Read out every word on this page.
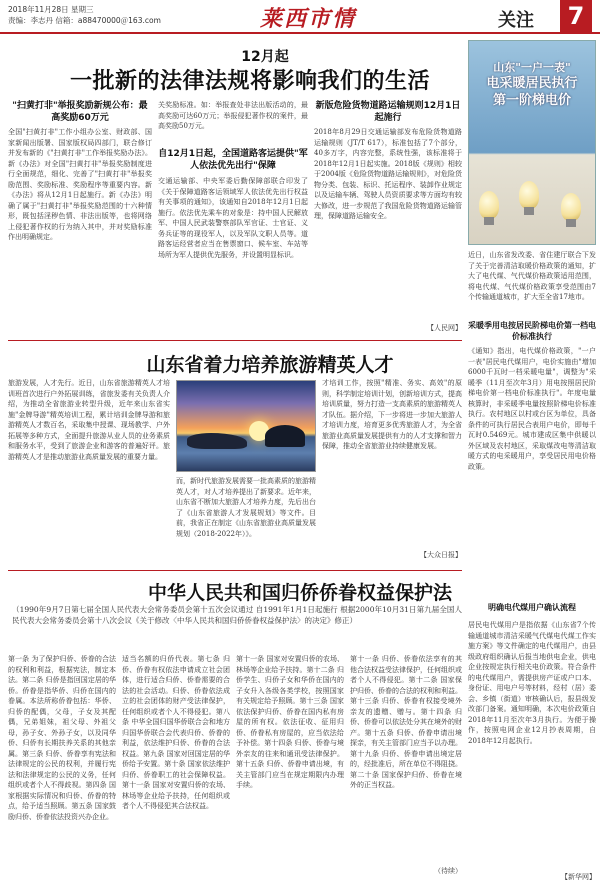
2018年11月28日 星期三
责编：李志丹 信箱：a88470000＠163.com	莱西市情	关注	7
12月起
一批新的法律法规将影响我们的生活
"扫黄打非"举报奖励新规公布：最高奖励60万元
全国"扫黄打非"工作小组办公室、财政部、国家新闻出版署、国家版权局四部门，联合修订并发布新的《"扫黄打非"工作举报奖励办法》。新《办法》对全国"扫黄打非"举报奖励制度进行全面规范，细化、完善了"扫黄打非"举报奖励范围、奖励标准、奖励程序等重要内容。新《办法》将从12月1日起施行。新《办法》明确了属于"扫黄打非"举报奖励范围的十六种情形，既包括淫秽色情、非法出版等，也将网络上侵犯著作权的行为纳入其中，并对奖励标准作出明确规定。
关奖励标准。如：举报查处非法出版活动的，最高奖励可达60万元；举报侵犯著作权的案件，最高奖励50万元。
自12月1日起，全国道路客运提供"军人依法优先出行"保障
交通运输部、中央军委后勤保障部联合印发了《关于保障道路客运领域军人依法优先出行权益有关事项的通知》，该通知自2018年12月1日起施行。依法优先乘车的对象是：持中国人民解放军、中国人民武装警察部队军官证、士官证、义务兵证等的现役军人，以及军队文职人员等。道路客运经营者应当在售票窗口、候车室、车站等场所为军人提供优先服务，并设置明显标识。
新版危险货物道路运输规则12月1日起施行
2018年8月29日交通运输部发布危险货物道路运输规则（JT/T 617），标准包括了7个部分，40多万字，内容完整，系统性强，该标准将于2018年12月1日起实施。2018版《规则》相较于2004版《危险货物道路运输规则》，对危险货物分类、包装、标识、托运程序、装卸作业规定以及运输车辆、驾驶人员资质要求等方面均有较大修改，进一步规范了我国危险货物道路运输管理，保障道路运输安全。
【人民网】
山东"一户一表"
电采暖居民执行
第一阶梯电价
近日，山东省发改委、省住建厅联合下发了关于完善清洁取暖价格政策的通知，扩大了电代煤、气代煤价格政策适用范围，将电代煤、气代煤价格政策享受范围由7个传输通道城市，扩大至全省17地市。
采暖季用电按居民阶梯电价第一档电价标准执行
《通知》指出，电代煤价格政策，"一户一表"居民电代煤用户，电价实施由"增加6000千瓦时一档采暖电量"，调整为"采暖季（11月至次年3月）用电按照居民阶梯电价第一档电价标准执行"。年度电量核算时，非采暖季电量按照阶梯电价标准执行。农村地区以村或台区为单位，具备条件的可执行居民合表用户电价，即每千瓦时0.5469元。城市建成区集中供暖以外区域及农村地区，采取煤改电等清洁取暖方式的电采暖用户，享受居民用电价格政策。
明确电代煤用户确认流程
居民电代煤用户是指依据《山东省7个传输通道城市清洁采暖气代煤电代煤工作实施方案》等文件确定的电代煤用户，由县级政府组织确认后报当地供电企业，供电企业按规定执行相关电价政策。符合条件的电代煤用户，需提供房产证或户口本、身份证、用电户号等材料，经村（居）委会、乡镇（街道）审核确认后，报县级发改部门备案。通知明确，本次电价政策自2018年11月至次年3月执行。为便于操作，按照电网企业12月抄表周期，自2018年12月起执行。
【新华网】
山东省着力培养旅游精英人才
旅游发展，人才先行。近日，山东省旅游精英人才培训班首次进行户外拓展训练，省旅发委有关负责人介绍，为推动全省旅游业转型升级，近年来山东省实施"金牌导游"精英培训工程，累计培训金牌导游和旅游精英人才数百名，采取集中授课、现场教学、户外拓展等多种方式，全面提升旅游从业人员的业务素质和服务水平，受到了旅游企业和游客的普遍好评。旅游精英人才是推动旅游业高质量发展的重要力量。
而，新时代旅游发展需要一批高素质的旅游精英人才，对人才培养提出了新要求。近年来，山东省不断加大旅游人才培养力度，先后出台了《山东省旅游人才发展规划》等文件。目前，我省正在制定《山东省旅游业高质量发展规划（2018-2022年）》。
才培训工作，按照"精准、务实、高效"的原则，科学制定培训计划，创新培训方式，提高培训质量，努力打造一支高素质的旅游精英人才队伍。据介绍，下一步将进一步加大旅游人才培训力度，培育更多优秀旅游人才，为全省旅游业高质量发展提供有力的人才支撑和智力保障，推动全省旅游业持续健康发展。
【大众日报】
中华人民共和国归侨侨眷权益保护法
（1990年9月7日第七届全国人民代表大会常务委员会第十五次会议通过 自1991年1月1日起施行 根据2000年10月31日第九届全国人民代表大会常务委员会第十八次会议《关于修改〈中华人民共和国归侨侨眷权益保护法〉的决定》修正）
第一条 为了保护归侨、侨眷的合法的权利和利益，根据宪法，制定本法。第二条 归侨是指回国定居的华侨。侨眷是指华侨、归侨在国内的眷属。本法所称侨眷包括：华侨、归侨的配偶，父母，子女及其配偶，兄弟姐妹，祖父母、外祖父母，孙子女、外孙子女，以及同华侨、归侨有长期扶养关系的其他亲属。第三条 归侨、侨眷享有宪法和法律规定的公民的权利，并履行宪法和法律规定的公民的义务，任何组织或者个人不得歧视。第四条 国家根据实际情况和归侨、侨眷的特点，给予适当照顾。第五条 国家鼓励归侨、侨眷依法投资兴办企业。
适当名额的归侨代表。第七条 归侨、侨眷有权依法申请成立社会团体，进行适合归侨、侨眷需要的合法的社会活动。归侨、侨眷依法成立的社会团体的财产受法律保护，任何组织或者个人不得侵犯。第八条 中华全国归国华侨联合会和地方归国华侨联合会代表归侨、侨眷的利益，依法维护归侨、侨眷的合法权益。第九条 国家对回国定居的华侨给予安置。第十条 国家依法维护归侨、侨眷职工的社会保障权益。第十一条 国家对安置归侨的农场、林场等企业给予扶持，任何组织或者个人不得侵犯其合法权益。
第十一条 国家对安置归侨的农场、林场等企业给予扶持。第十二条 归侨学生、归侨子女和华侨在国内的子女升入各级各类学校，按照国家有关规定给予照顾。第十三条 国家依法保护归侨、侨眷在国内私有房屋的所有权。依法征收、征用归侨、侨眷私有房屋的，应当依法给予补偿。第十四条 归侨、侨眷与境外亲友的往来和通讯受法律保护。第十五条 归侨、侨眷申请出境，有关主管部门应当在规定期限内办理手续。
第十一条 归侨、侨眷依法享有的其他合法权益受法律保护，任何组织或者个人不得侵犯。第十二条 国家保护归侨、侨眷的合法的权利和利益。第十三条 归侨、侨眷有权接受境外亲友的遗赠、赠与。第十四条 归侨、侨眷可以依法处分其在境外的财产。第十五条 归侨、侨眷申请出境探亲，有关主管部门应当予以办理。第十九条 归侨、侨眷申请出境定居的，经批准后，所在单位不得阻挠。第二十条 国家保护归侨、侨眷在境外的正当权益。
（待续）
